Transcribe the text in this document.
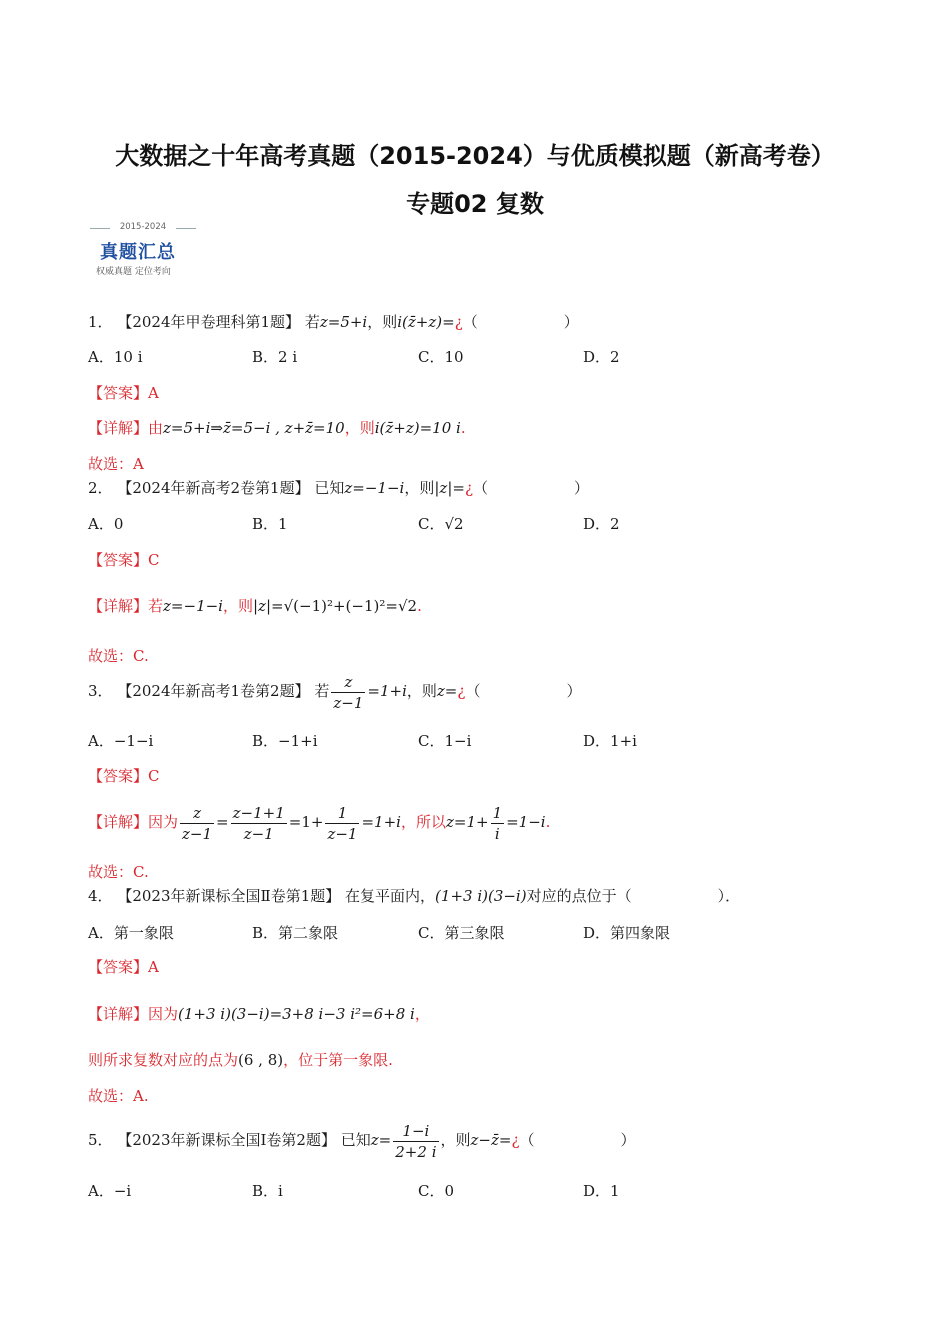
大数据之十年高考真题（2015-2024）与优质模拟题（新高考卷）
专题02 复数
2015-2024
真题汇总
权威真题 定位考向
1． 【2024年甲卷理科第1题】 若z=5+i，则i(z̄+z)=¿（	）
A．10 i	B．2 i	C．10	D．2
【答案】A
【详解】由z=5+i⇒z̄=5−i , z+z̄=10，则i(z̄+z)=10 i.
故选：A
2． 【2024年新高考2卷第1题】 已知z=−1−i，则|z|=¿（	）
A．0	B．1	C．√2	D．2
【答案】C
【详解】若z=−1−i，则|z|=√(−1)²+(−1)²=√2.
故选：C.
3． 【2024年新高考1卷第2题】 若 $\frac{z}{z-1} =1+i$，则z=¿（	）
A．−1−i	B．−1+i	C．1−i	D．1+i
【答案】C
【详解】因为 $\frac{z}{z-1} = \frac{z-1+1}{z-1} =1+ \frac{1}{z-1} =1+i$，所以$z=1+ \frac{1}{i} =1-i$.
故选：C.
4． 【2023年新课标全国Ⅱ卷第1题】 在复平面内，(1+3 i)(3−i)对应的点位于（	）．
A．第一象限	B．第二象限	C．第三象限	D．第四象限
【答案】A
【详解】因为(1+3 i)(3−i)=3+8 i−3 i²=6+8 i，
则所求复数对应的点为(6 , 8)，位于第一象限.
故选：A.
5． 【2023年新课标全国Ⅰ卷第2题】 已知$z= \frac{1-i}{2+2 i}$ ，则z−z̄=¿（	）
A．−i	B．i	C．0	D．1
